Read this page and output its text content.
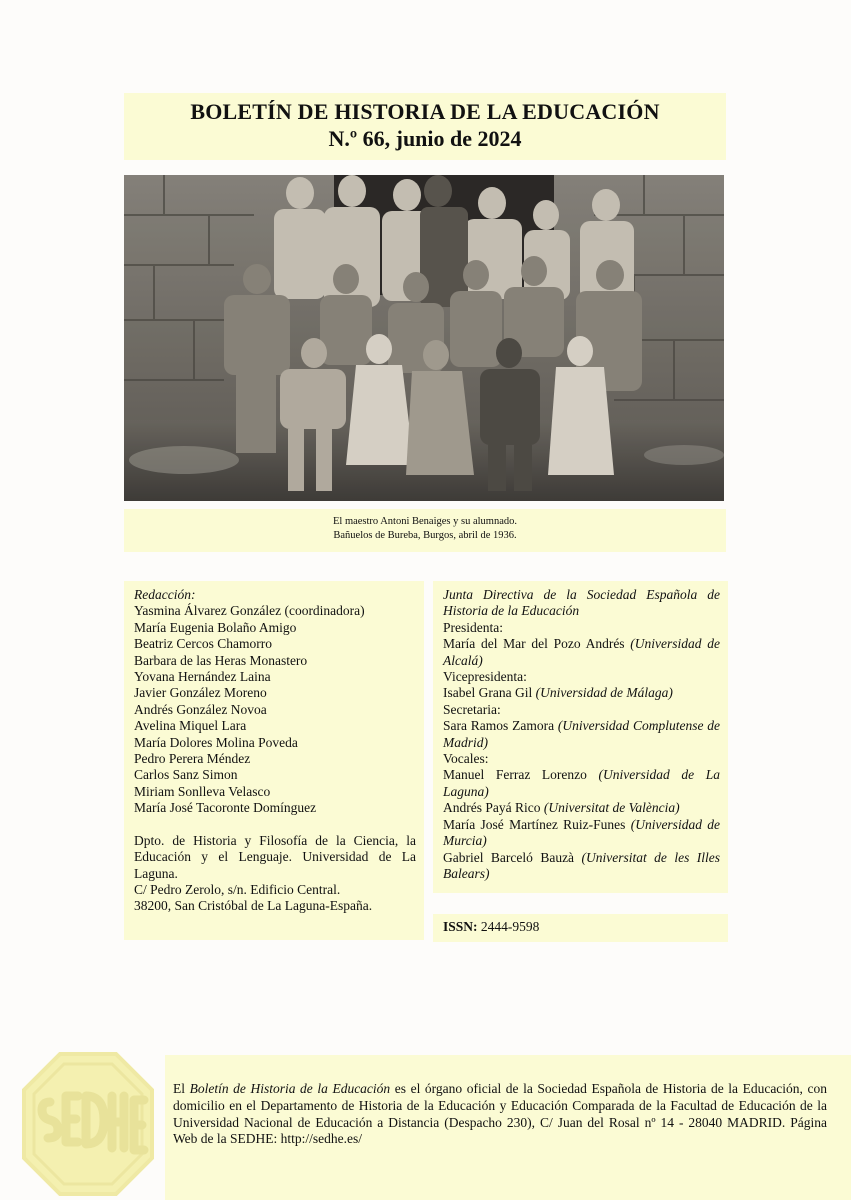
BOLETÍN DE HISTORIA DE LA EDUCACIÓN
N.º 66, junio de 2024
El maestro Antoni Benaiges y su alumnado.
Bañuelos de Bureba, Burgos, abril de 1936.
Redacción:
Yasmina Álvarez González (coordinadora)
María Eugenia Bolaño Amigo
Beatriz Cercos Chamorro
Barbara de las Heras Monastero
Yovana Hernández Laina
Javier González Moreno
Andrés González Novoa
Avelina Miquel Lara
María Dolores Molina Poveda
Pedro Perera Méndez
Carlos Sanz Simon
Miriam Sonlleva Velasco
María José Tacoronte Domínguez
Dpto. de Historia y Filosofía de la Ciencia, la Educación y el Lenguaje. Universidad de La Laguna.
C/ Pedro Zerolo, s/n. Edificio Central.
38200, San Cristóbal de La Laguna-España.
Junta Directiva de la Sociedad Española de Historia de la Educación
Presidenta:
María del Mar del Pozo Andrés (Universidad de Alcalá)
Vicepresidenta:
Isabel Grana Gil (Universidad de Málaga)
Secretaria:
Sara Ramos Zamora (Universidad Complutense de Madrid)
Vocales:
Manuel Ferraz Lorenzo (Universidad de La Laguna)
Andrés Payá Rico (Universitat de València)
María José Martínez Ruiz-Funes (Universidad de Murcia)
Gabriel Barceló Bauzà (Universitat de les Illes Balears)
ISSN: 2444-9598
El Boletín de Historia de la Educación es el órgano oficial de la Sociedad Española de Historia de la Educación, con domicilio en el Departamento de Historia de la Educación y Educación Comparada de la Facultad de Educación de la Universidad Nacional de Educación a Distancia (Despacho 230), C/ Juan del Rosal nº 14 - 28040 MADRID. Página Web de la SEDHE: http://sedhe.es/
